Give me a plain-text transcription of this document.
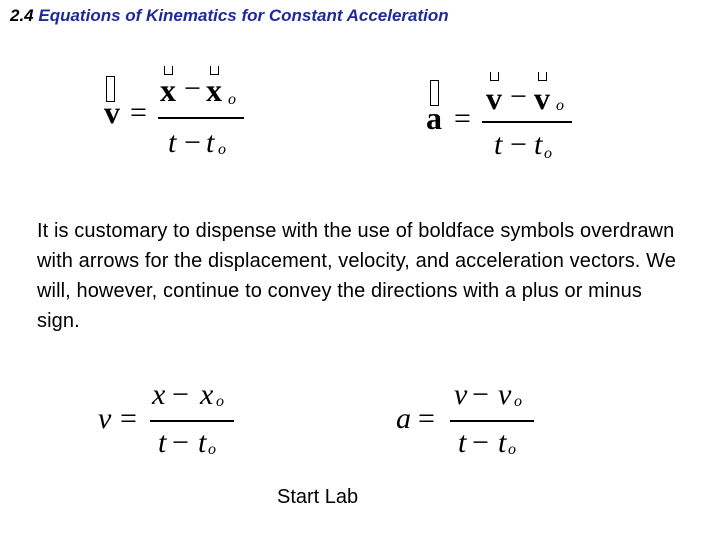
2.4 Equations of Kinematics for Constant Acceleration
v =
x − x o
t − t o
a =
v − v o
t − t o
It is customary to dispense with the use of boldface symbols overdrawn with arrows for the displacement, velocity, and acceleration vectors. We will, however, continue to convey the directions with a plus or minus sign.
v =
x − x o
t − t o
a =
v − v o
t − t o
Start Lab
